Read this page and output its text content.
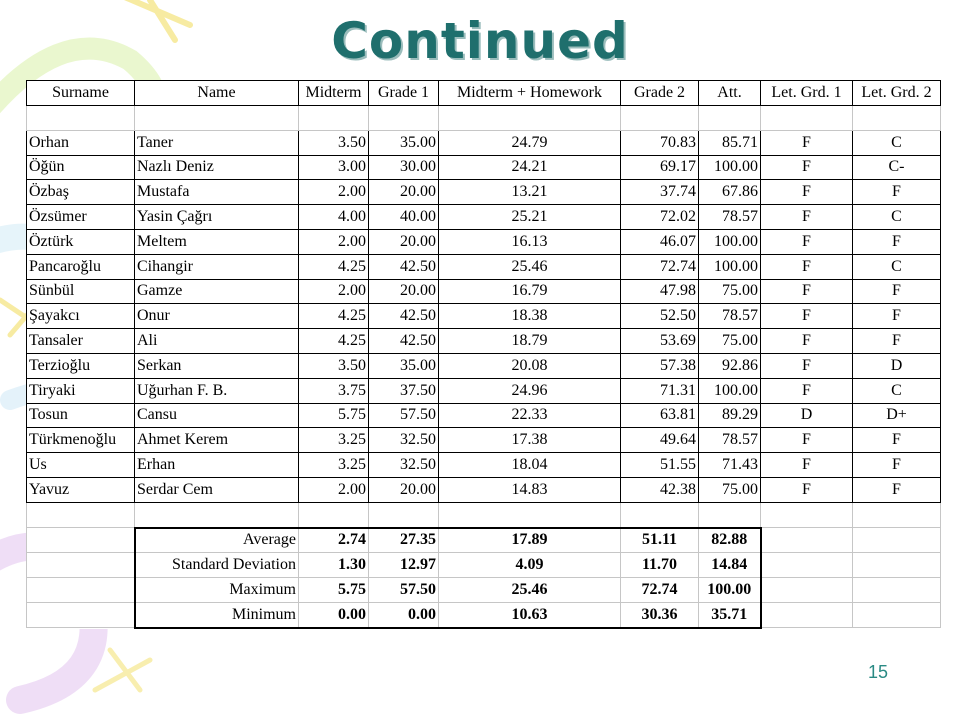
Continued
Surname	Name	Midterm	Grade 1	Midterm + Homework	Grade 2	Att.	Let. Grd. 1	Let. Grd. 2

Orhan	Taner	3.50	35.00	24.79	70.83	85.71	F	C
Öğün	Nazlı Deniz	3.00	30.00	24.21	69.17	100.00	F	C-
Özbaş	Mustafa	2.00	20.00	13.21	37.74	67.86	F	F
Özsümer	Yasin Çağrı	4.00	40.00	25.21	72.02	78.57	F	C
Öztürk	Meltem	2.00	20.00	16.13	46.07	100.00	F	F
Pancaroğlu	Cihangir	4.25	42.50	25.46	72.74	100.00	F	C
Sünbül	Gamze	2.00	20.00	16.79	47.98	75.00	F	F
Şayakcı	Onur	4.25	42.50	18.38	52.50	78.57	F	F
Tansaler	Ali	4.25	42.50	18.79	53.69	75.00	F	F
Terzioğlu	Serkan	3.50	35.00	20.08	57.38	92.86	F	D
Tiryaki	Uğurhan F. B.	3.75	37.50	24.96	71.31	100.00	F	C
Tosun	Cansu	5.75	57.50	22.33	63.81	89.29	D	D+
Türkmenoğlu	Ahmet Kerem	3.25	32.50	17.38	49.64	78.57	F	F
Us	Erhan	3.25	32.50	18.04	51.55	71.43	F	F
Yavuz	Serdar Cem	2.00	20.00	14.83	42.38	75.00	F	F

	Average	2.74	27.35	17.89	51.11	82.88		
	Standard Deviation	1.30	12.97	4.09	11.70	14.84		
	Maximum	5.75	57.50	25.46	72.74	100.00		
	Minimum	0.00	0.00	10.63	30.36	35.71		
15
